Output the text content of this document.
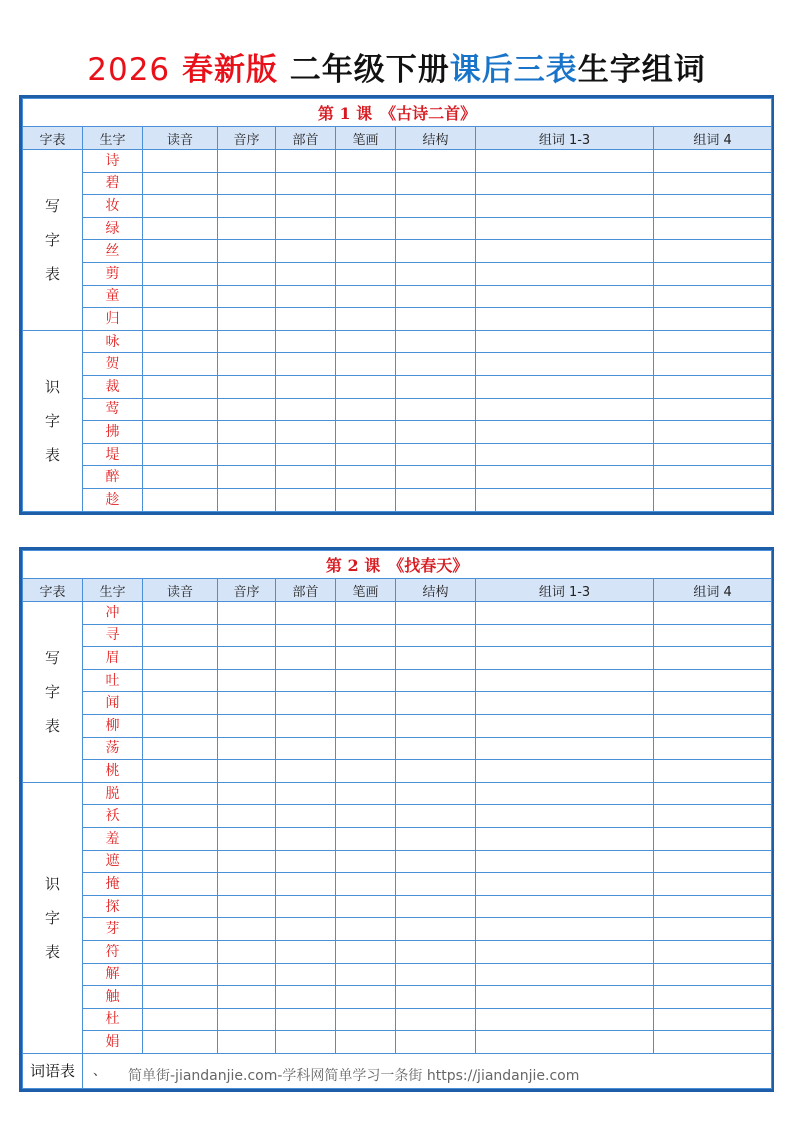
2026 春新版 二年级下册课后三表生字组词
第 1 课　《古诗二首》								
字表	生字	读音	音序	部首	笔画	结构	组词 1-3	组词 4

写
字
表	诗							
	碧							
	妆							
	绿							
	丝							
	剪							
	童							
	归							

识
字
表	咏							
	贺							
	裁							
	莺							
	拂							
	堤							
	醉							
	趁							
第 2 课　《找春天》								
字表	生字	读音	音序	部首	笔画	结构	组词 1-3	组词 4

写
字
表	冲							
	寻							
	眉							
	吐							
	闻							
	柳							
	荡							
	桃							

识
字
表	脱							
	袄							
	羞							
	遮							
	掩							
	探							
	芽							
	符							
	解							
	触							
	杜							
	娟							
词语表	、 简单街-jiandanjie.com-学科网简单学习一条街 https://jiandanjie.com							
